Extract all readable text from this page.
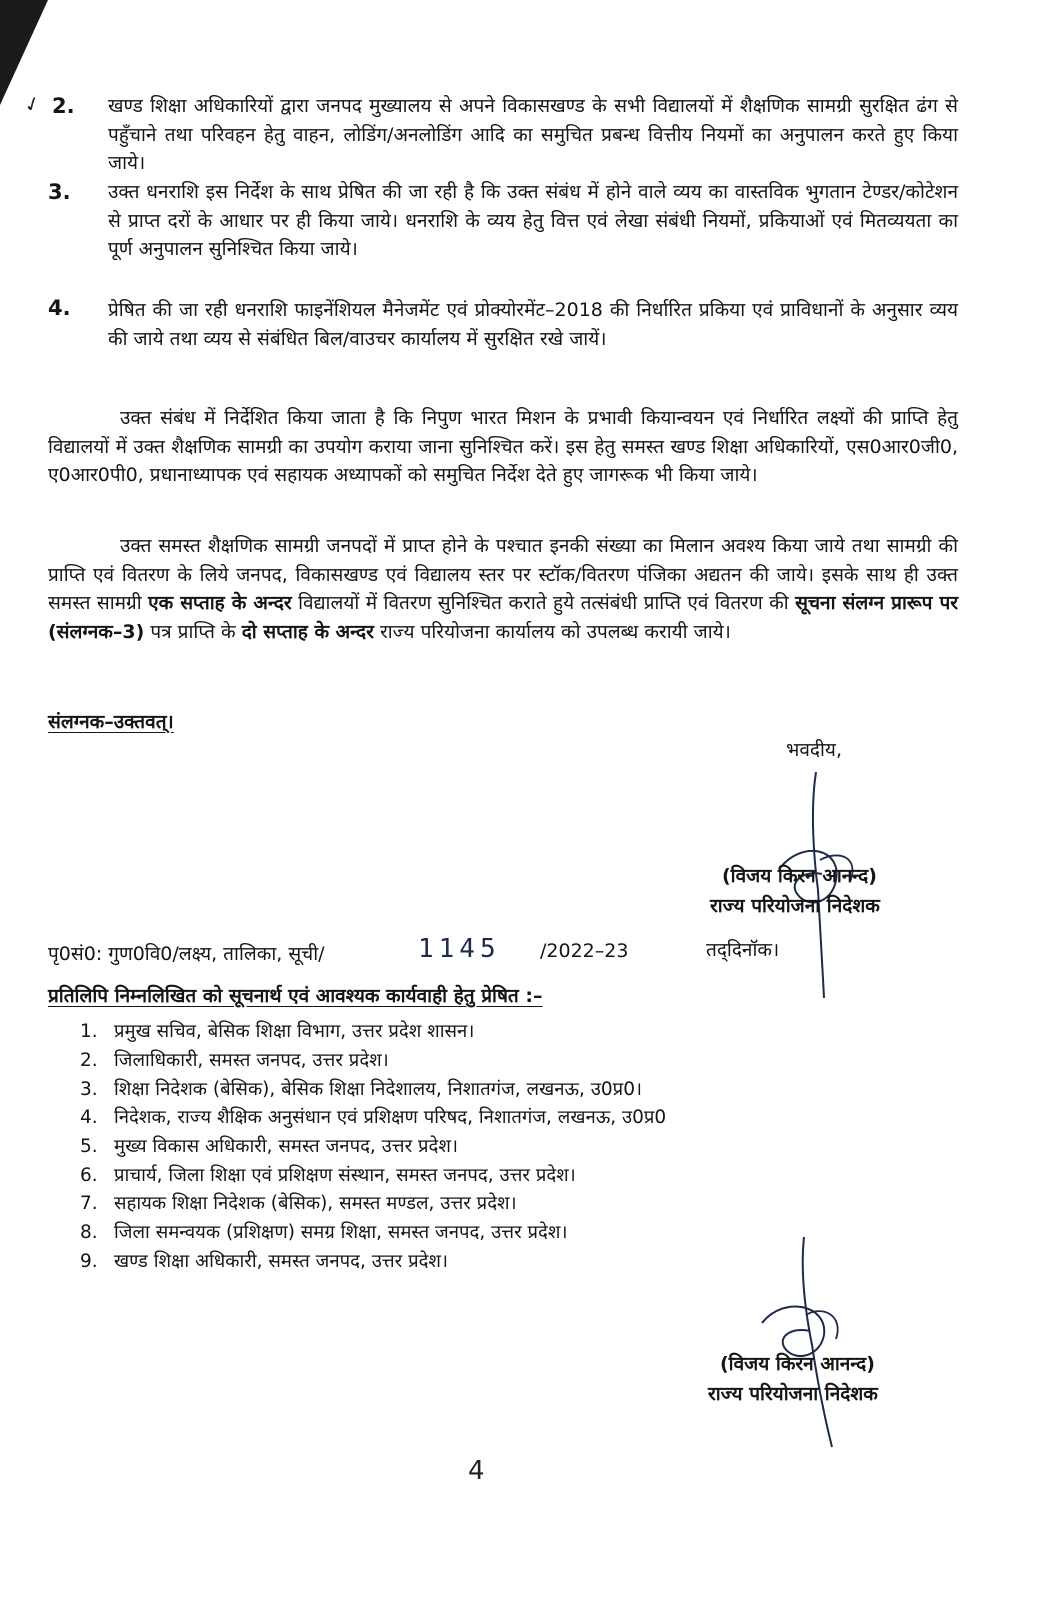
✓ 2. खण्ड शिक्षा अधिकारियों द्वारा जनपद मुख्यालय से अपने विकासखण्ड के सभी विद्यालयों में शैक्षणिक सामग्री सुरक्षित ढंग से पहुँचाने तथा परिवहन हेतु वाहन, लोडिंग/अनलोडिंग आदि का समुचित प्रबन्ध वित्तीय नियमों का अनुपालन करते हुए किया जाये।
3. उक्त धनराशि इस निर्देश के साथ प्रेषित की जा रही है कि उक्त संबंध में होने वाले व्यय का वास्तविक भुगतान टेण्डर/कोटेशन से प्राप्त दरों के आधार पर ही किया जाये। धनराशि के व्यय हेतु वित्त एवं लेखा संबंधी नियमों, प्रकियाओं एवं मितव्ययता का पूर्ण अनुपालन सुनिश्चित किया जाये।
4. प्रेषित की जा रही धनराशि फाइनेंशियल मैनेजमेंट एवं प्रोक्योरमेंट–2018 की निर्धारित प्रकिया एवं प्राविधानों के अनुसार व्यय की जाये तथा व्यय से संबंधित बिल/वाउचर कार्यालय में सुरक्षित रखे जायें।
उक्त संबंध में निर्देशित किया जाता है कि निपुण भारत मिशन के प्रभावी कियान्वयन एवं निर्धारित लक्ष्यों की प्राप्ति हेतु विद्यालयों में उक्त शैक्षणिक सामग्री का उपयोग कराया जाना सुनिश्चित करें। इस हेतु समस्त खण्ड शिक्षा अधिकारियों, एस0आर0जी0, ए0आर0पी0, प्रधानाध्यापक एवं सहायक अध्यापकों को समुचित निर्देश देते हुए जागरूक भी किया जाये।
उक्त समस्त शैक्षणिक सामग्री जनपदों में प्राप्त होने के पश्चात इनकी संख्या का मिलान अवश्य किया जाये तथा सामग्री की प्राप्ति एवं वितरण के लिये जनपद, विकासखण्ड एवं विद्यालय स्तर पर स्टॉक/वितरण पंजिका अद्यतन की जाये। इसके साथ ही उक्त समस्त सामग्री एक सप्ताह के अन्दर विद्यालयों में वितरण सुनिश्चित कराते हुये तत्संबंधी प्राप्ति एवं वितरण की सूचना संलग्न प्रारूप पर (संलग्नक–3) पत्र प्राप्ति के दो सप्ताह के अन्दर राज्य परियोजना कार्यालय को उपलब्ध करायी जाये।
संलग्नक–उक्तवत्।
भवदीय,
(विजय किरन आनन्द)
राज्य परियोजना निदेशक
पृ0सं0: गुण0वि0/लक्ष्य, तालिका, सूची/	1145 /2022–23	तद्‌दिनॉक।
प्रतिलिपि निम्नलिखित को सूचनार्थ एवं आवश्यक कार्यवाही हेतु प्रेषित :–
1. प्रमुख सचिव, बेसिक शिक्षा विभाग, उत्तर प्रदेश शासन।
2. जिलाधिकारी, समस्त जनपद, उत्तर प्रदेश।
3. शिक्षा निदेशक (बेसिक), बेसिक शिक्षा निदेशालय, निशातगंज, लखनऊ, उ0प्र0।
4. निदेशक, राज्य शैक्षिक अनुसंधान एवं प्रशिक्षण परिषद, निशातगंज, लखनऊ, उ0प्र0
5. मुख्य विकास अधिकारी, समस्त जनपद, उत्तर प्रदेश।
6. प्राचार्य, जिला शिक्षा एवं प्रशिक्षण संस्थान, समस्त जनपद, उत्तर प्रदेश।
7. सहायक शिक्षा निदेशक (बेसिक), समस्त मण्डल, उत्तर प्रदेश।
8. जिला समन्वयक (प्रशिक्षण) समग्र शिक्षा, समस्त जनपद, उत्तर प्रदेश।
9. खण्ड शिक्षा अधिकारी, समस्त जनपद, उत्तर प्रदेश।
(विजय किरन आनन्द)
राज्य परियोजना निदेशक
4
